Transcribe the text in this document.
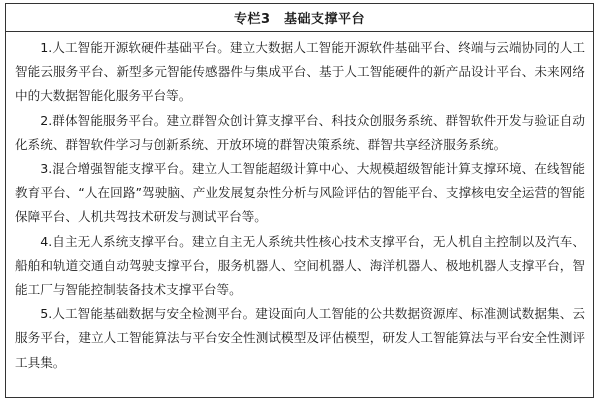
专栏3　基础支撑平台

1.人工智能开源软硬件基础平台。建立大数据人工智能开源软件基础平台、终端与云端协同的人工智能云服务平台、新型多元智能传感器件与集成平台、基于人工智能硬件的新产品设计平台、未来网络中的大数据智能化服务平台等。

2.群体智能服务平台。建立群智众创计算支撑平台、科技众创服务系统、群智软件开发与验证自动化系统、群智软件学习与创新系统、开放环境的群智决策系统、群智共享经济服务系统。

3.混合增强智能支撑平台。建立人工智能超级计算中心、大规模超级智能计算支撑环境、在线智能教育平台、“人在回路”驾驶脑、产业发展复杂性分析与风险评估的智能平台、支撑核电安全运营的智能保障平台、人机共驾技术研发与测试平台等。

4.自主无人系统支撑平台。建立自主无人系统共性核心技术支撑平台，无人机自主控制以及汽车、船舶和轨道交通自动驾驶支撑平台，服务机器人、空间机器人、海洋机器人、极地机器人支撑平台，智能工厂与智能控制装备技术支撑平台等。

5.人工智能基础数据与安全检测平台。建设面向人工智能的公共数据资源库、标准测试数据集、云服务平台，建立人工智能算法与平台安全性测试模型及评估模型，研发人工智能算法与平台安全性测评工具集。
